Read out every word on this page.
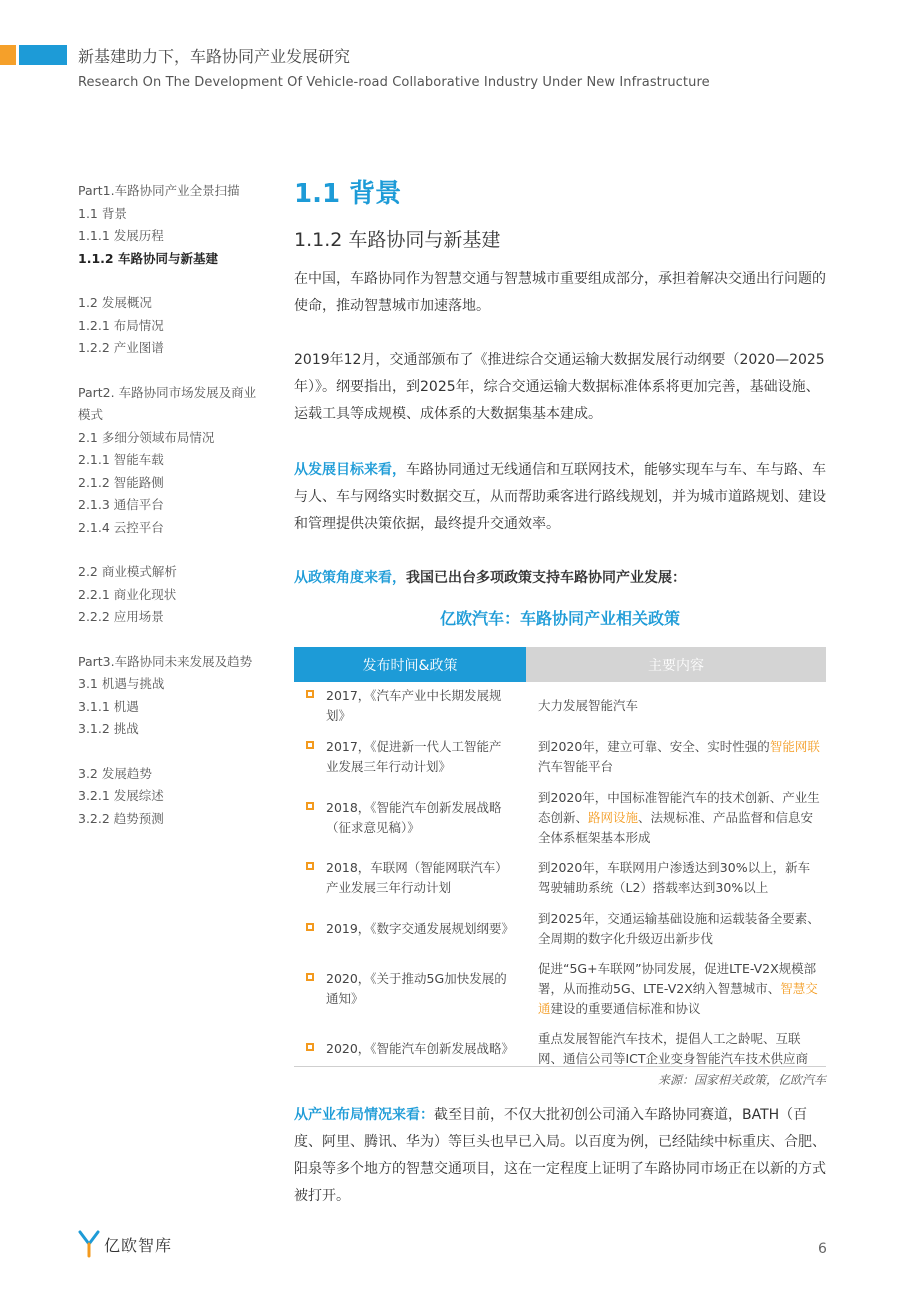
新基建助力下，车路协同产业发展研究
Research On The Development Of Vehicle-road Collaborative Industry Under New Infrastructure
Part1.车路协同产业全景扫描
1.1 背景
1.1.1 发展历程
1.1.2 车路协同与新基建
1.2 发展概况
1.2.1 布局情况
1.2.2 产业图谱
Part2. 车路协同市场发展及商业模式
2.1 多细分领域布局情况
2.1.1 智能车载
2.1.2 智能路侧
2.1.3 通信平台
2.1.4 云控平台
2.2 商业模式解析
2.2.1 商业化现状
2.2.2 应用场景
Part3.车路协同未来发展及趋势
3.1 机遇与挑战
3.1.1 机遇
3.1.2 挑战
3.2 发展趋势
3.2.1 发展综述
3.2.2 趋势预测
1.1 背景
1.1.2 车路协同与新基建
在中国，车路协同作为智慧交通与智慧城市重要组成部分，承担着解决交通出行问题的使命，推动智慧城市加速落地。
2019年12月，交通部颁布了《推进综合交通运输大数据发展行动纲要（2020—2025年）》。纲要指出，到2025年，综合交通运输大数据标准体系将更加完善，基础设施、运载工具等成规模、成体系的大数据集基本建成。
从发展目标来看，车路协同通过无线通信和互联网技术，能够实现车与车、车与路、车与人、车与网络实时数据交互，从而帮助乘客进行路线规划，并为城市道路规划、建设和管理提供决策依据，最终提升交通效率。
从政策角度来看，我国已出台多项政策支持车路协同产业发展：
亿欧汽车：车路协同产业相关政策
发布时间&政策	主要内容
2017，《汽车产业中长期发展规划》	大力发展智能汽车
2017，《促进新一代人工智能产业发展三年行动计划》	到2020年，建立可靠、安全、实时性强的智能网联汽车智能平台
2018，《智能汽车创新发展战略（征求意见稿）》	到2020年，中国标准智能汽车的技术创新、产业生态创新、路网设施、法规标准、产品监督和信息安全体系框架基本形成
2018，车联网（智能网联汽车）产业发展三年行动计划	到2020年，车联网用户渗透达到30%以上，新车驾驶辅助系统（L2）搭载率达到30%以上
2019，《数字交通发展规划纲要》	到2025年，交通运输基础设施和运载装备全要素、全周期的数字化升级迈出新步伐
2020，《关于推动5G加快发展的通知》	促进“5G+车联网”协同发展，促进LTE-V2X规模部署，从而推动5G、LTE-V2X纳入智慧城市、智慧交通建设的重要通信标准和协议
2020，《智能汽车创新发展战略》	重点发展智能汽车技术，提倡人工之龄呢、互联网、通信公司等ICT企业变身智能汽车技术供应商
来源：国家相关政策，亿欧汽车
从产业布局情况来看：截至目前，不仅大批初创公司涌入车路协同赛道，BATH（百度、阿里、腾讯、华为）等巨头也早已入局。以百度为例，已经陆续中标重庆、合肥、阳泉等多个地方的智慧交通项目，这在一定程度上证明了车路协同市场正在以新的方式被打开。
亿欧智库	6
